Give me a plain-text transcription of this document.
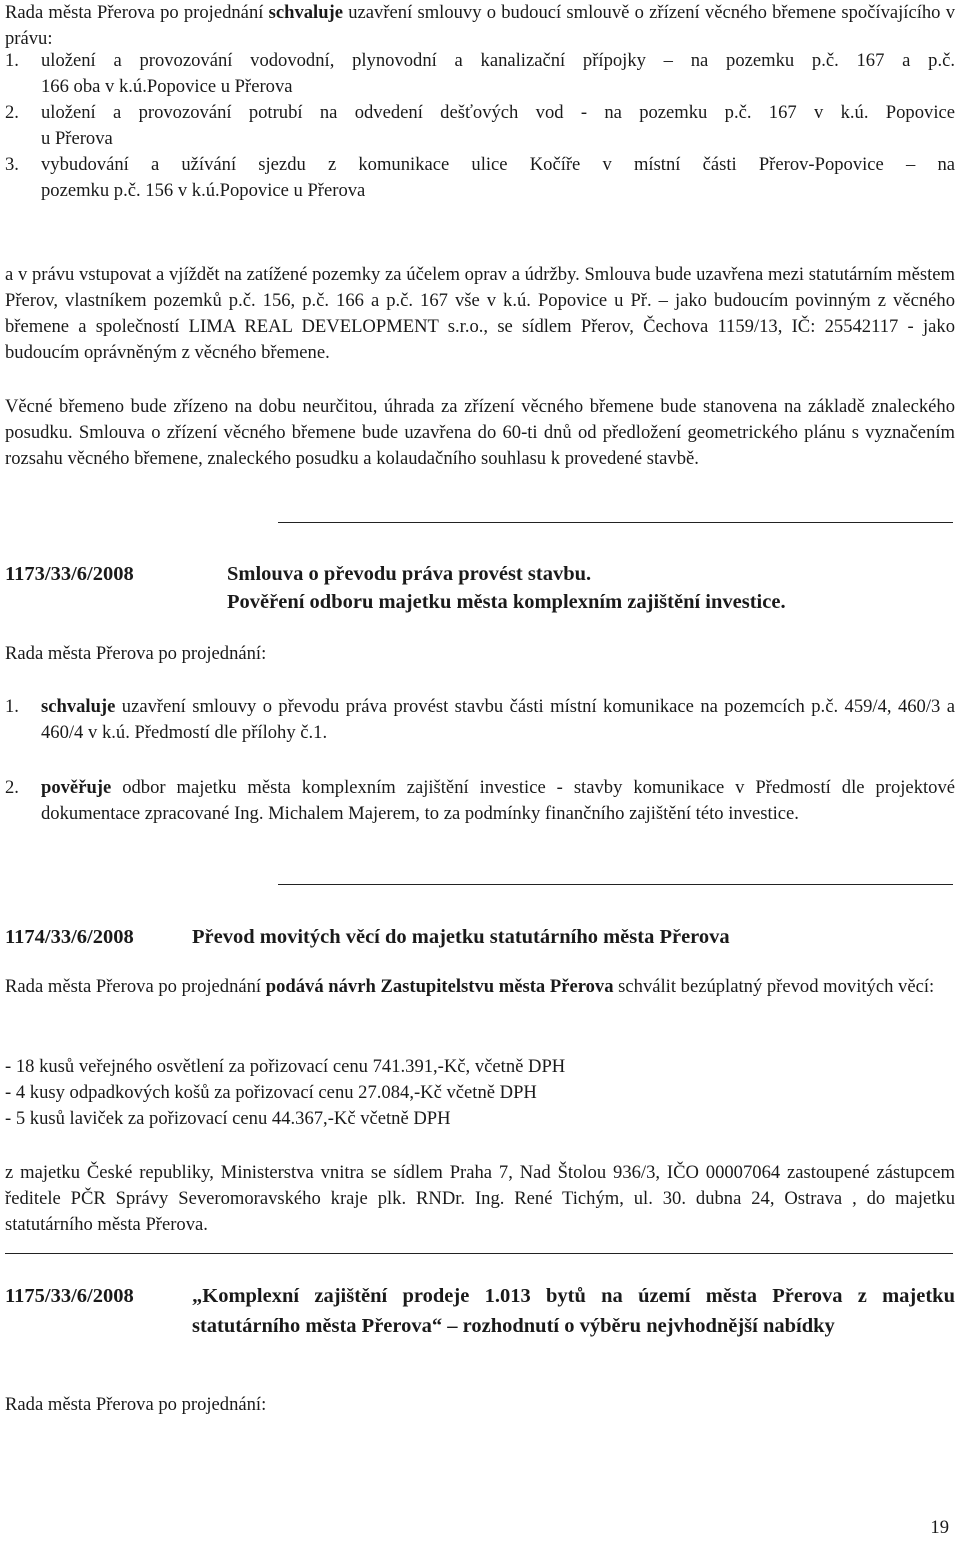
Rada města Přerova po projednání schvaluje uzavření smlouvy o budoucí smlouvě o zřízení věcného břemene spočívajícího v právu:

1.	uložení a provozování vodovodní, plynovodní a kanalizační přípojky – na pozemku p.č. 167 a p.č.
166 oba v k.ú.Popovice u Přerova
2.	uložení a provozování potrubí na odvedení dešťových vod - na pozemku p.č. 167 v k.ú. Popovice
u Přerova
3.	vybudování a užívání sjezdu z komunikace ulice Kočíře v místní části Přerov-Popovice – na
pozemku p.č. 156 v k.ú.Popovice u Přerova

a v právu vstupovat a vjíždět na zatížené pozemky za účelem oprav a údržby. Smlouva bude uzavřena mezi statutárním městem Přerov, vlastníkem pozemků p.č. 156, p.č. 166 a p.č. 167 vše v k.ú. Popovice u Př. – jako budoucím povinným z věcného břemene a společností LIMA REAL DEVELOPMENT s.r.o., se sídlem Přerov, Čechova 1159/13, IČ: 25542117 - jako budoucím oprávněným z věcného břemene.

Věcné břemeno bude zřízeno na dobu neurčitou, úhrada za zřízení věcného břemene bude stanovena na základě znaleckého posudku. Smlouva o zřízení věcného břemene bude uzavřena do 60-ti dnů od předložení geometrického plánu s vyznačením rozsahu věcného břemene, znaleckého posudku a kolaudačního souhlasu k provedené stavbě.

1173/33/6/2008	Smlouva o převodu práva provést stavbu.
Pověření odboru majetku města komplexním zajištění investice.

Rada města Přerova po projednání:

1.	schvaluje uzavření smlouvy o převodu práva provést stavbu části místní komunikace na pozemcích p.č. 459/4, 460/3 a 460/4 v k.ú. Předmostí dle přílohy č.1.
2.	pověřuje odbor majetku města komplexním zajištění investice - stavby komunikace v Předmostí dle projektové dokumentace zpracované Ing. Michalem Majerem, to za podmínky finančního zajištění této investice.
1174/33/6/2008	Převod movitých věcí do majetku statutárního města Přerova

Rada města Přerova po projednání podává návrh Zastupitelstvu města Přerova schválit bezúplatný převod movitých věcí:

- 18 kusů veřejného osvětlení za pořizovací cenu 741.391,-Kč, včetně DPH

- 4 kusy odpadkových košů za pořizovací cenu 27.084,-Kč včetně DPH

- 5 kusů laviček za pořizovací cenu 44.367,-Kč včetně DPH

z majetku České republiky, Ministerstva vnitra se sídlem Praha 7, Nad Štolou 936/3, IČO 00007064 zastoupené zástupcem ředitele PČR Správy Severomoravského kraje plk. RNDr. Ing. René Tichým, ul. 30. dubna 24, Ostrava , do majetku statutárního města Přerova.

1175/33/6/2008	„Komplexní zajištění prodeje 1.013 bytů na území města Přerova z majetku statutárního města Přerova“ – rozhodnutí o výběru nejvhodnější nabídky

Rada města Přerova po projednání:

19
